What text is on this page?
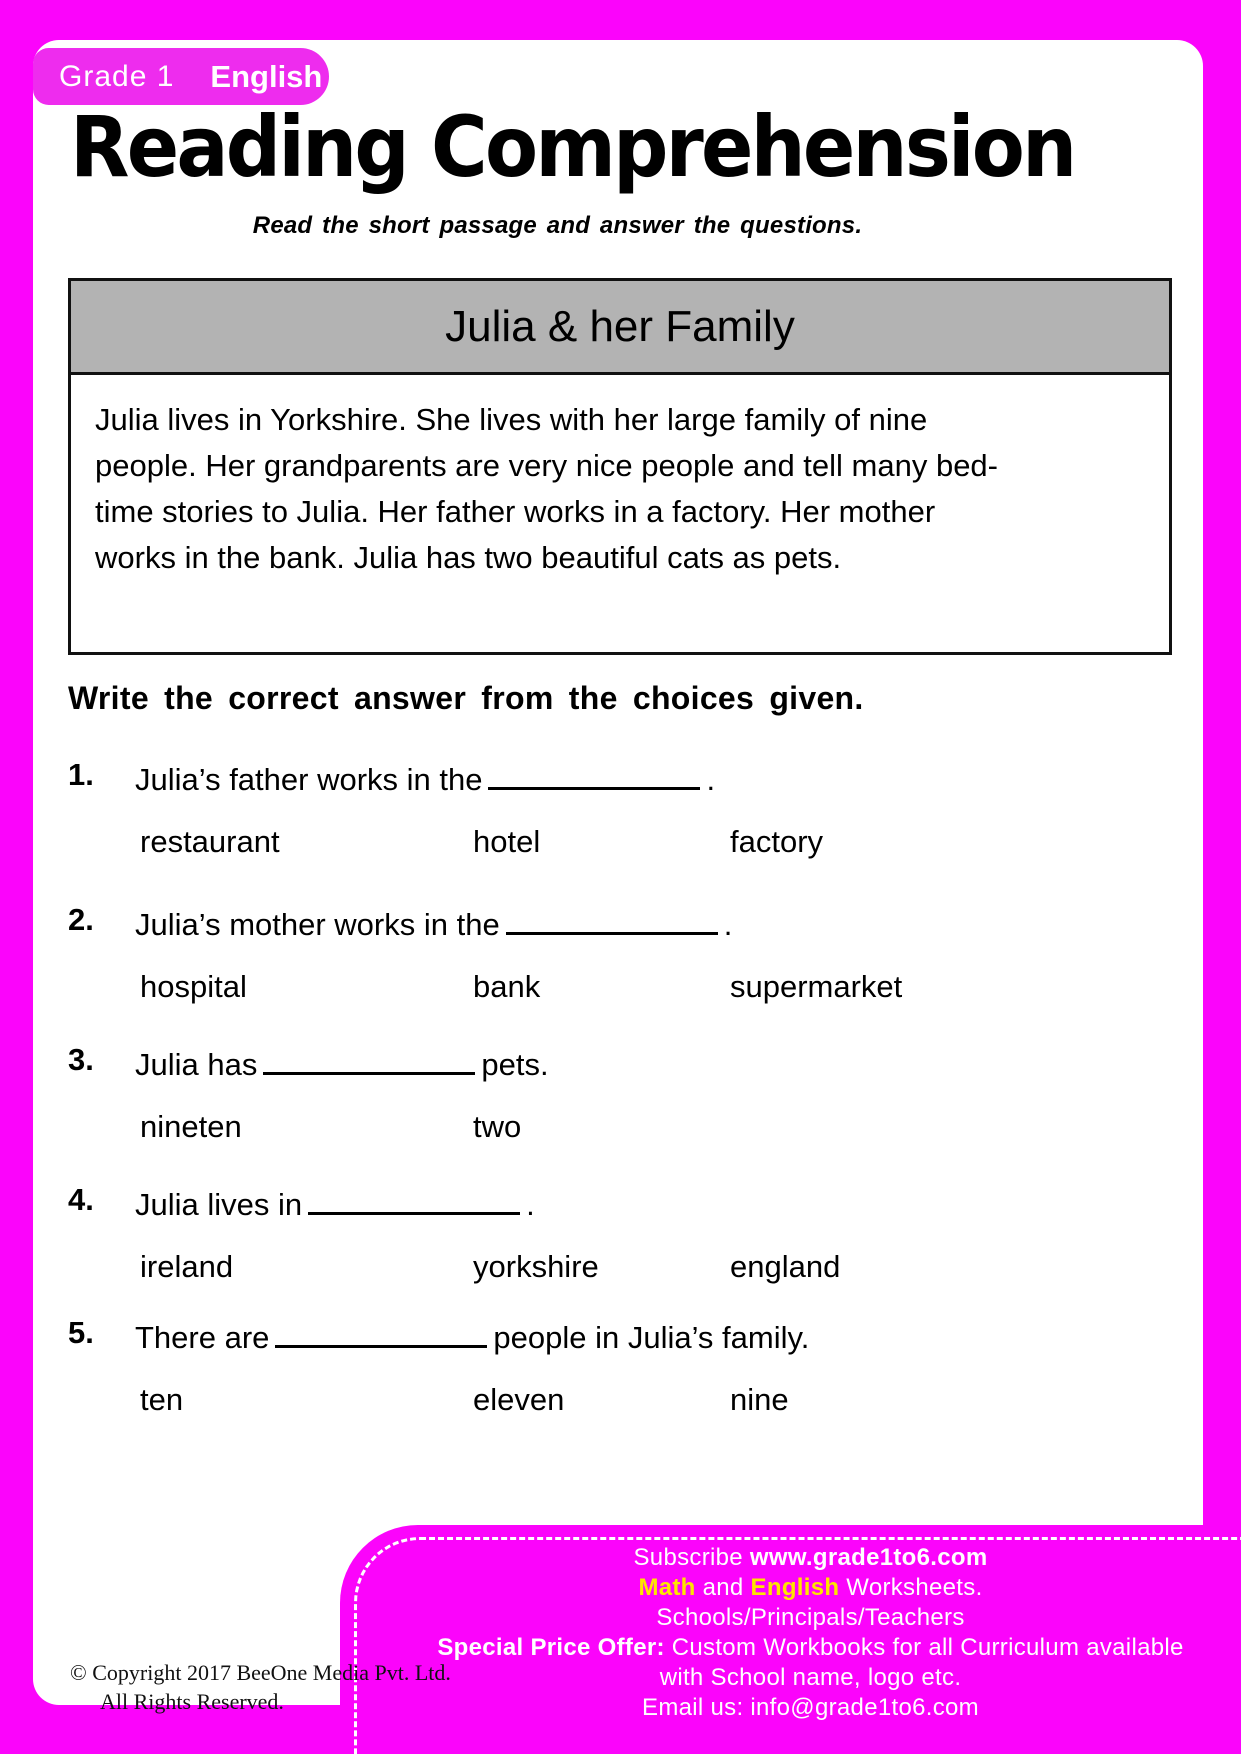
Grade 1 English
Reading Comprehension
Read the short passage and answer the questions.
Julia & her Family
Julia lives in Yorkshire. She lives with her large family of nine people. Her grandparents are very nice people and tell many bed-time stories to Julia. Her father works in a factory. Her mother works in the bank. Julia has two beautiful cats as pets.
Write the correct answer from the choices given.
1.	Julia’s father works in the	.
restaurant	hotel	factory
2.	Julia’s mother works in the	.
hospital	bank	supermarket
3.	Julia has	pets.
nineten	two
4.	Julia lives in	.
ireland	yorkshire	england
5.	There are	people in Julia’s family.
ten	eleven	nine
Subscribe www.grade1to6.com
Math and English Worksheets.
Schools/Principals/Teachers
Special Price Offer: Custom Workbooks for all Curriculum available
with School name, logo etc.
Email us: info@grade1to6.com
© Copyright 2017 BeeOne Media Pvt. Ltd.
All Rights Reserved.
